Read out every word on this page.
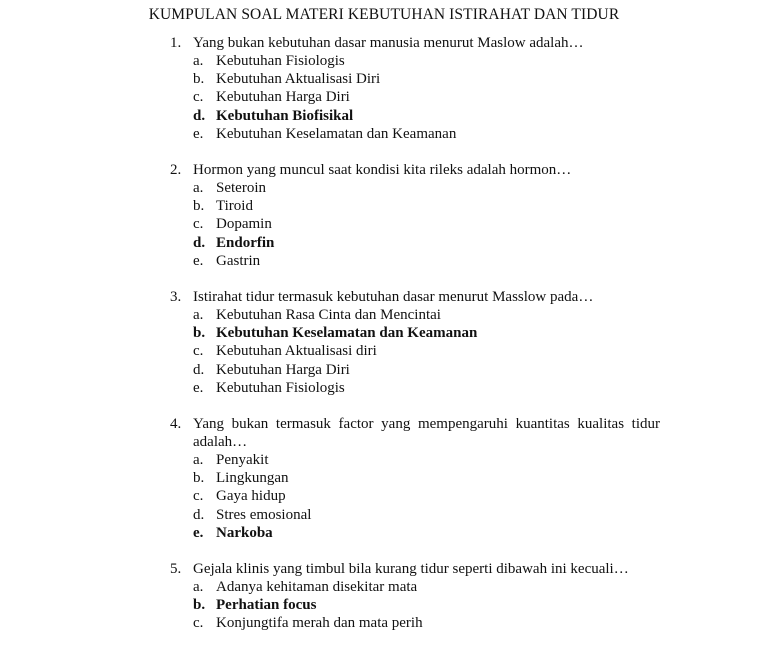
KUMPULAN SOAL MATERI KEBUTUHAN ISTIRAHAT DAN TIDUR
1. Yang bukan kebutuhan dasar manusia menurut Maslow adalah…
a. Kebutuhan Fisiologis
b. Kebutuhan Aktualisasi Diri
c. Kebutuhan Harga Diri
d. Kebutuhan Biofisikal
e. Kebutuhan Keselamatan dan Keamanan
2. Hormon yang muncul saat kondisi kita rileks adalah hormon…
a. Seteroin
b. Tiroid
c. Dopamin
d. Endorfin
e. Gastrin
3. Istirahat tidur termasuk kebutuhan dasar menurut Masslow pada…
a. Kebutuhan Rasa Cinta dan Mencintai
b. Kebutuhan Keselamatan dan Keamanan
c. Kebutuhan Aktualisasi diri
d. Kebutuhan Harga Diri
e. Kebutuhan Fisiologis
4. Yang bukan termasuk factor yang mempengaruhi kuantitas kualitas tidur adalah…
a. Penyakit
b. Lingkungan
c. Gaya hidup
d. Stres emosional
e. Narkoba
5. Gejala klinis yang timbul bila kurang tidur seperti dibawah ini kecuali…
a. Adanya kehitaman disekitar mata
b. Perhatian focus
c. Konjungtifa merah dan mata perih
